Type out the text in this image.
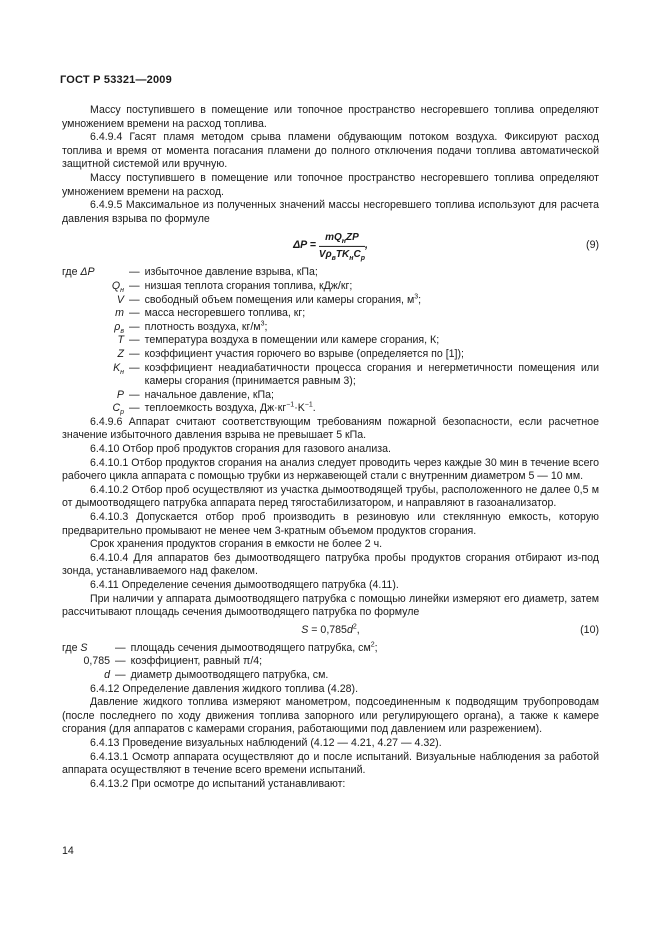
ГОСТ Р 53321—2009

Массу поступившего в помещение или топочное пространство несгоревшего топлива определяют умножением времени на расход топлива.

6.4.9.4 Гасят пламя методом срыва пламени обдувающим потоком воздуха. Фиксируют расход топлива и время от момента погасания пламени до полного отключения подачи топлива автоматической защитной системой или вручную.

Массу поступившего в помещение или топочное пространство несгоревшего топлива определяют умножением времени на расход.

6.4.9.5 Максимальное из полученных значений массы несгоревшего топлива используют для расчета давления взрыва по формуле

$\Delta P = \frac{mQ_нZP}{V\rho_вTK_нC_p}$ ,	(9)
где ΔP	— избыточное давление взрыва, кПа;
$Q_н$ — низшая теплота сгорания топлива, кДж/кг;
V — свободный объем помещения или камеры сгорания, $м^3$;
m — масса несгоревшего топлива, кг;
$\rho_в$ — плотность воздуха, $кг/м^3$;
T — температура воздуха в помещении или камере сгорания, К;
Z — коэффициент участия горючего во взрыве (определяется по [1]);
$K_н$ — коэффициент неадиабатичности процесса сгорания и негерметичности помещения или камеры сгорания (принимается равным 3);
P — начальное давление, кПа;
$C_p$ — теплоемкость воздуха, $Дж\cdot кг^{-1}\cdot K^{-1}$.

6.4.9.6 Аппарат считают соответствующим требованиям пожарной безопасности, если расчетное значение избыточного давления взрыва не превышает 5 кПа.

6.4.10 Отбор проб продуктов сгорания для газового анализа.

6.4.10.1 Отбор продуктов сгорания на анализ следует проводить через каждые 30 мин в течение всего рабочего цикла аппарата с помощью трубки из нержавеющей стали с внутренним диаметром 5 — 10 мм.

6.4.10.2 Отбор проб осуществляют из участка дымоотводящей трубы, расположенного не далее 0,5 м от дымоотводящего патрубка аппарата перед тягостабилизатором, и направляют в газоанализатор.

6.4.10.3 Допускается отбор проб производить в резиновую или стеклянную емкость, которую предварительно промывают не менее чем 3-кратным объемом продуктов сгорания.

Срок хранения продуктов сгорания в емкости не более 2 ч.

6.4.10.4 Для аппаратов без дымоотводящего патрубка пробы продуктов сгорания отбирают из-под зонда, устанавливаемого над факелом.

6.4.11 Определение сечения дымоотводящего патрубка (4.11).

При наличии у аппарата дымоотводящего патрубка с помощью линейки измеряют его диаметр, затем рассчитывают площадь сечения дымоотводящего патрубка по формуле

$S = 0,785d^2$,	(10)
где S	— площадь сечения дымоотводящего патрубка, $см^2$;
0,785 — коэффициент, равный π/4;
d — диаметр дымоотводящего патрубка, см.

6.4.12 Определение давления жидкого топлива (4.28).

Давление жидкого топлива измеряют манометром, подсоединенным к подводящим трубопроводам (после последнего по ходу движения топлива запорного или регулирующего органа), а также к камере сгорания (для аппаратов с камерами сгорания, работающими под давлением или разрежением).

6.4.13 Проведение визуальных наблюдений (4.12 — 4.21, 4.27 — 4.32).

6.4.13.1 Осмотр аппарата осуществляют до и после испытаний. Визуальные наблюдения за работой аппарата осуществляют в течение всего времени испытаний.

6.4.13.2 При осмотре до испытаний устанавливают:

14
